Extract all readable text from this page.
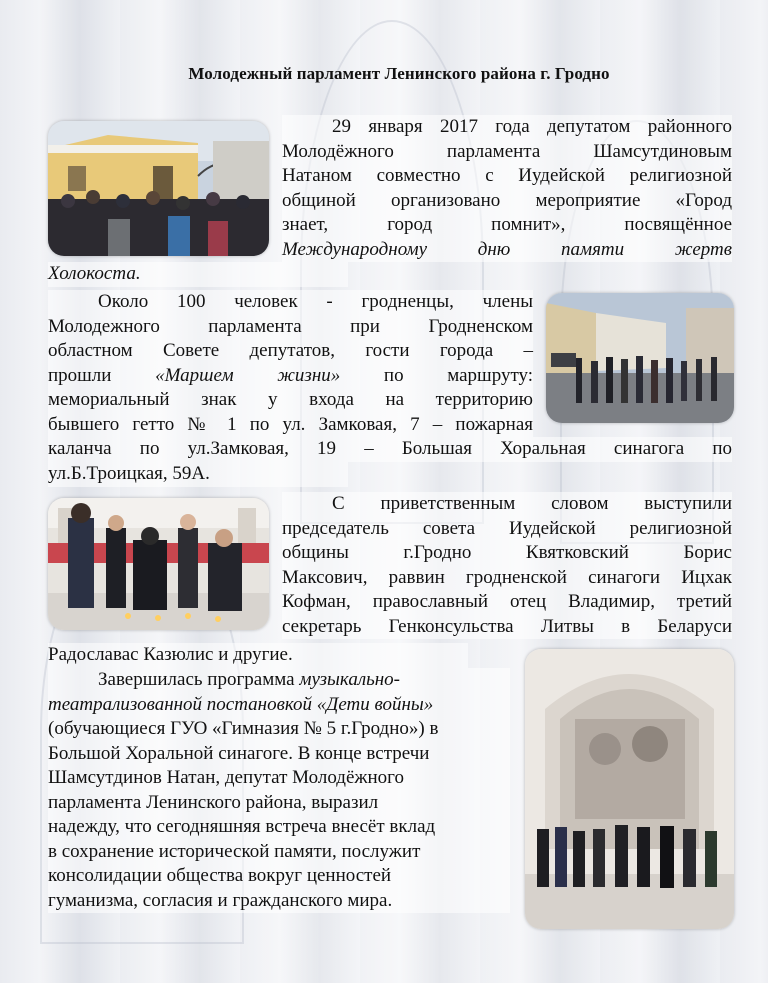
Молодежный парламент Ленинского района г. Гродно

29 января 2017 года депутатом районного
Молодёжного парламента Шамсутдиновым
Натаном совместно с Иудейской религиозной
общиной организовано мероприятие «Город
знает, город помнит», посвящённое
Международному дню памяти жертв

Холокоста.

Около 100 человек - гродненцы, члены
Молодежного парламента при Гродненском
областном Совете депутатов, гости города –
прошли «Маршем жизни» по маршруту:
мемориальный знак у входа на территорию
бывшего гетто № 1 по ул. Замковая, 7 – пожарная

каланча по ул.Замковая, 19 – Большая Хоральная синагога по

ул.Б.Троицкая, 59А.

С приветственным словом выступили
председатель совета Иудейской религиозной
общины г.Гродно Квятковский Борис
Максович, раввин гродненской синагоги Ицхак
Кофман, православный отец Владимир, третий
секретарь Генконсульства Литвы в Беларуси

Радославас Казюлис и другие.

Завершилась программа музыкально-
театрализованной постановкой «Дети войны»
(обучающиеся ГУО «Гимназия № 5 г.Гродно») в
Большой Хоральной синагоге. В конце встречи
Шамсутдинов Натан, депутат Молодёжного
парламента Ленинского района, выразил
надежду, что сегодняшняя встреча внесёт вклад
в сохранение исторической памяти, послужит
консолидации общества вокруг ценностей
гуманизма, согласия и гражданского мира.
